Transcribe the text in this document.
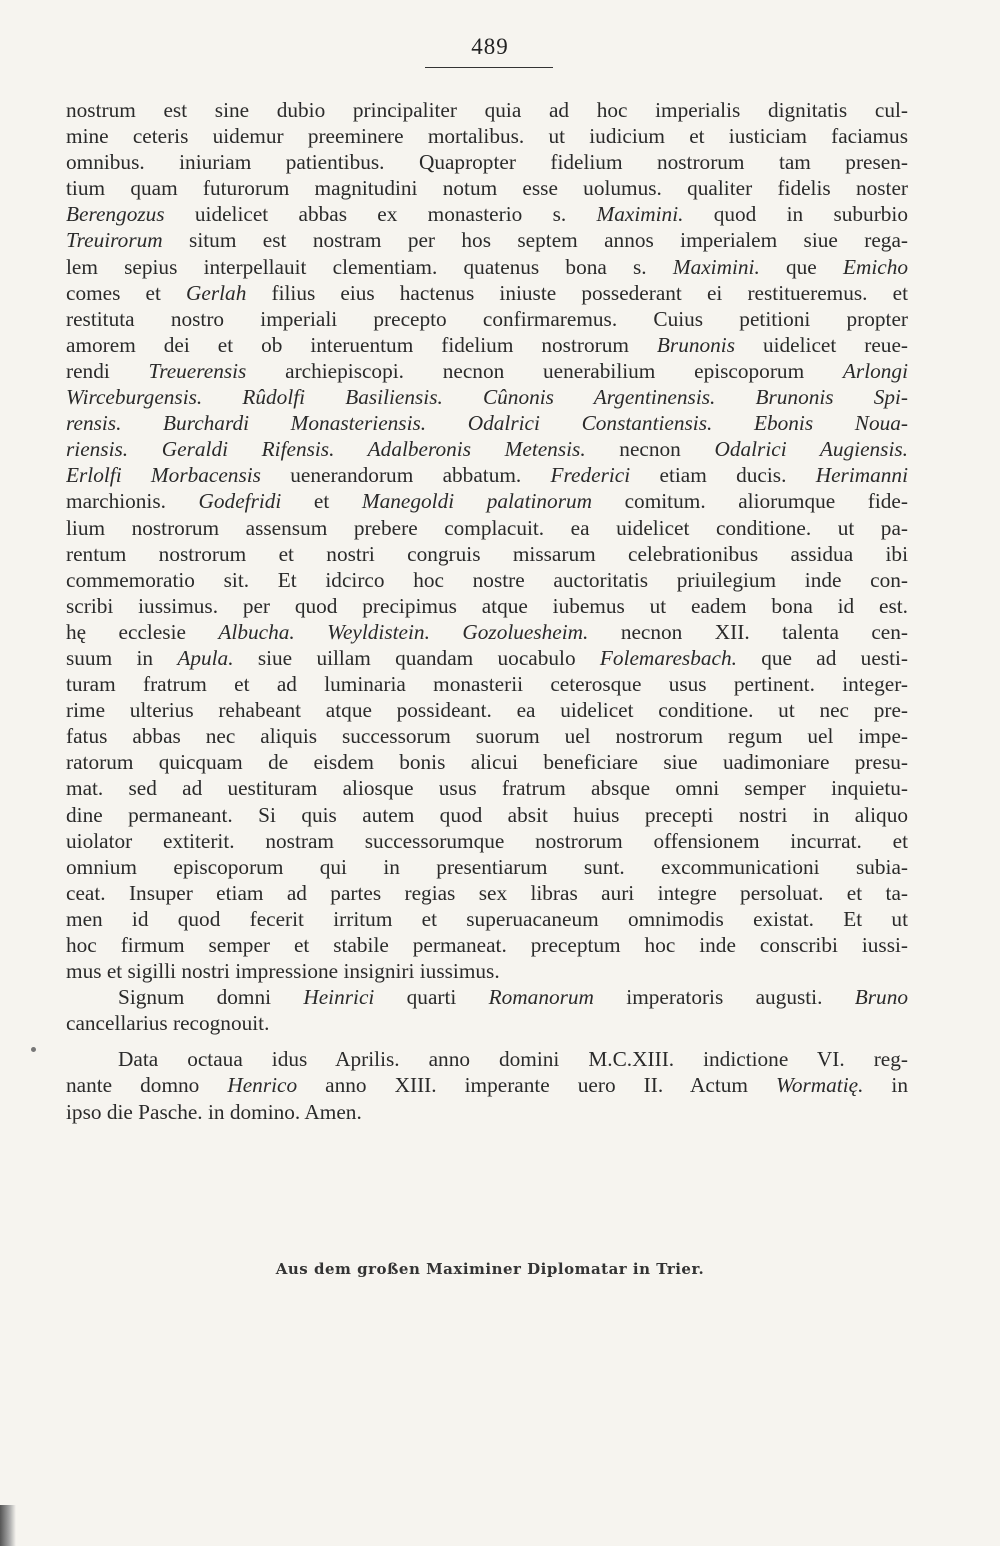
489
nostrum est sine dubio principaliter quia ad hoc imperialis dignitatis cul-
mine ceteris uidemur preeminere mortalibus. ut iudicium et iusticiam faciamus
omnibus. iniuriam patientibus. Quapropter fidelium nostrorum tam presen-
tium quam futurorum magnitudini notum esse uolumus. qualiter fidelis noster
Berengozus uidelicet abbas ex monasterio s. Maximini. quod in suburbio
Treuirorum situm est nostram per hos septem annos imperialem siue rega-
lem sepius interpellauit clementiam. quatenus bona s. Maximini. que Emicho
comes et Gerlah filius eius hactenus iniuste possederant ei restitueremus. et
restituta nostro imperiali precepto confirmaremus. Cuius petitioni propter
amorem dei et ob interuentum fidelium nostrorum Brunonis uidelicet reue-
rendi Treuerensis archiepiscopi. necnon uenerabilium episcoporum Arlongi
Wirceburgensis. Rûdolfi Basiliensis. Cûnonis Argentinensis. Brunonis Spi-
rensis. Burchardi Monasteriensis. Odalrici Constantiensis. Ebonis Noua-
riensis. Geraldi Rifensis. Adalberonis Metensis. necnon Odalrici Augiensis.
Erlolfi Morbacensis uenerandorum abbatum. Frederici etiam ducis. Herimanni
marchionis. Godefridi et Manegoldi palatinorum comitum. aliorumque fide-
lium nostrorum assensum prebere complacuit. ea uidelicet conditione. ut pa-
rentum nostrorum et nostri congruis missarum celebrationibus assidua ibi
commemoratio sit. Et idcirco hoc nostre auctoritatis priuilegium inde con-
scribi iussimus. per quod precipimus atque iubemus ut eadem bona id est.
hę ecclesie Albucha. Weyldistein. Gozoluesheim. necnon XII. talenta cen-
suum in Apula. siue uillam quandam uocabulo Folemaresbach. que ad uesti-
turam fratrum et ad luminaria monasterii ceterosque usus pertinent. integer-
rime ulterius rehabeant atque possideant. ea uidelicet conditione. ut nec pre-
fatus abbas nec aliquis successorum suorum uel nostrorum regum uel impe-
ratorum quicquam de eisdem bonis alicui beneficiare siue uadimoniare presu-
mat. sed ad uestituram aliosque usus fratrum absque omni semper inquietu-
dine permaneant. Si quis autem quod absit huius precepti nostri in aliquo
uiolator extiterit. nostram successorumque nostrorum offensionem incurrat. et
omnium episcoporum qui in presentiarum sunt. excommunicationi subia-
ceat. Insuper etiam ad partes regias sex libras auri integre persoluat. et ta-
men id quod fecerit irritum et superuacaneum omnimodis existat. Et ut
hoc firmum semper et stabile permaneat. preceptum hoc inde conscribi iussi-
mus et sigilli nostri impressione insigniri iussimus.
Signum domni Heinrici quarti Romanorum imperatoris augusti. Bruno
cancellarius recognouit.
Data octaua idus Aprilis. anno domini M.C.XIII. indictione VI. reg-
nante domno Henrico anno XIII. imperante uero II. Actum Wormatię. in
ipso die Pasche. in domino. Amen.
Aus dem großen Maximiner Diplomatar in Trier.
